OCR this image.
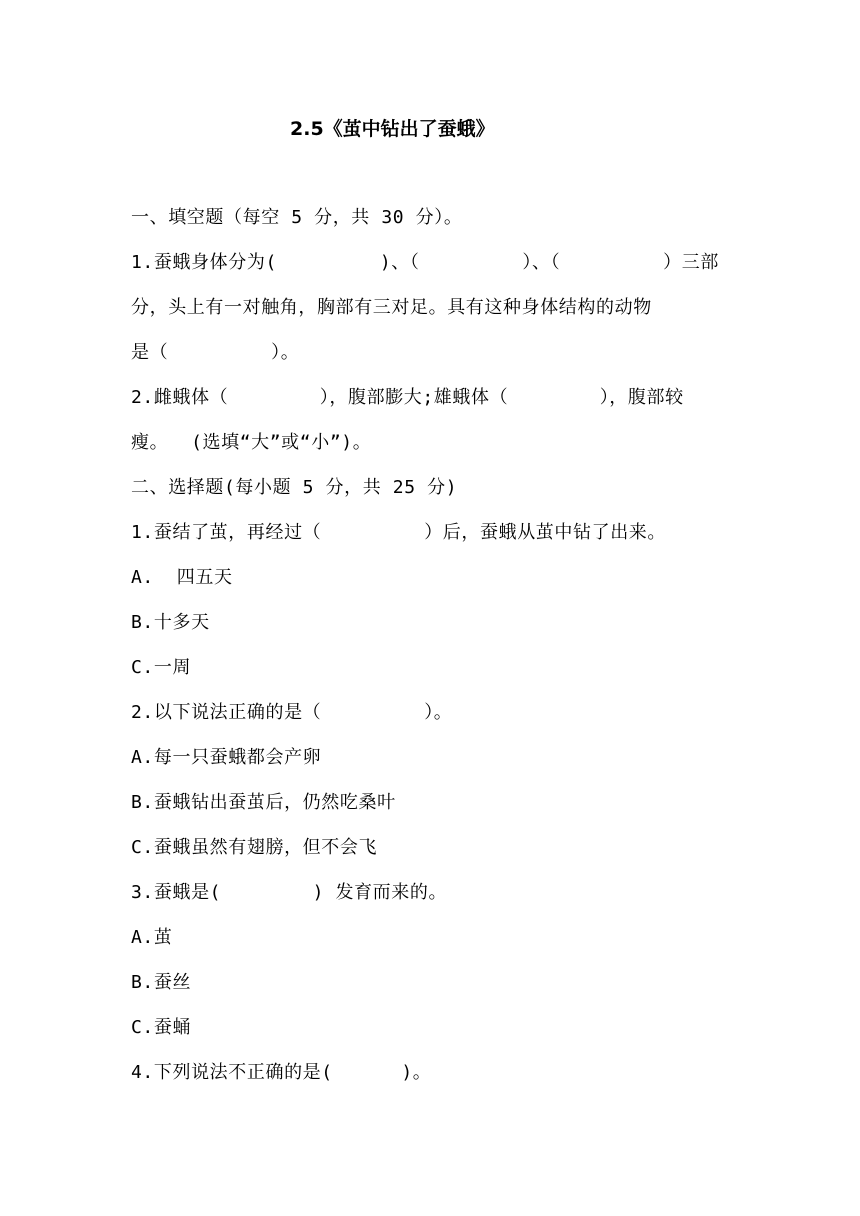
2.5《茧中钻出了蚕蛾》
一、填空题（每空 5 分，共 30 分）。
1.蚕蛾身体分为(         )、（         ）、（         ）三部
分，头上有一对触角，胸部有三对足。具有这种身体结构的动物
是（         ）。
2.雌蛾体（        ），腹部膨大;雄蛾体（        ），腹部较
瘦。  (选填“大”或“小”)。
二、选择题(每小题 5 分，共 25 分)
1.蚕结了茧，再经过（         ）后，蚕蛾从茧中钻了出来。
A.  四五天
B.十多天
C.一周
2.以下说法正确的是（         ）。
A.每一只蚕蛾都会产卵
B.蚕蛾钻出蚕茧后，仍然吃桑叶
C.蚕蛾虽然有翅膀，但不会飞
3.蚕蛾是(        ) 发育而来的。
A.茧
B.蚕丝
C.蚕蛹
4.下列说法不正确的是(      )。
